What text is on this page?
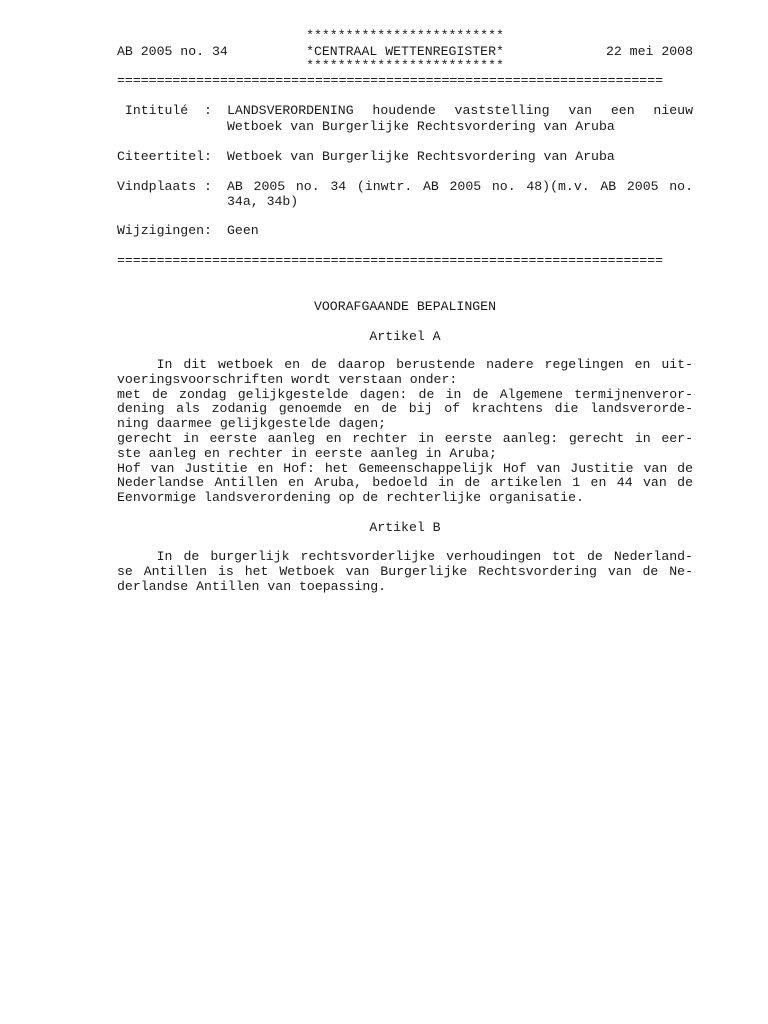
*************************
AB 2005 no. 34	*CENTRAAL WETTENREGISTER*	22 mei 2008
*************************
=====================================================================
Intitulé  : LANDSVERORDENING houdende vaststelling van een nieuw
Wetboek van Burgerlijke Rechtsvordering van Aruba
Citeertitel: Wetboek van Burgerlijke Rechtsvordering van Aruba
Vindplaats : AB 2005 no. 34 (inwtr. AB 2005 no. 48)(m.v. AB 2005 no.
34a, 34b)
Wijzigingen: Geen
=====================================================================
VOORAFGAANDE BEPALINGEN
Artikel A
In dit wetboek en de daarop berustende nadere regelingen en uit-
voeringsvoorschriften wordt verstaan onder:
met de zondag gelijkgestelde dagen: de in de Algemene termijnenveror-
dening als zodanig genoemde en de bij of krachtens die landsverorde-
ning daarmee gelijkgestelde dagen;
gerecht in eerste aanleg en rechter in eerste aanleg: gerecht in eer-
ste aanleg en rechter in eerste aanleg in Aruba;
Hof van Justitie en Hof: het Gemeenschappelijk Hof van Justitie van de
Nederlandse Antillen en Aruba, bedoeld in de artikelen 1 en 44 van de
Eenvormige landsverordening op de rechterlijke organisatie.
Artikel B
In de burgerlijk rechtsvorderlijke verhoudingen tot de Nederland-
se Antillen is het Wetboek van Burgerlijke Rechtsvordering van de Ne-
derlandse Antillen van toepassing.
